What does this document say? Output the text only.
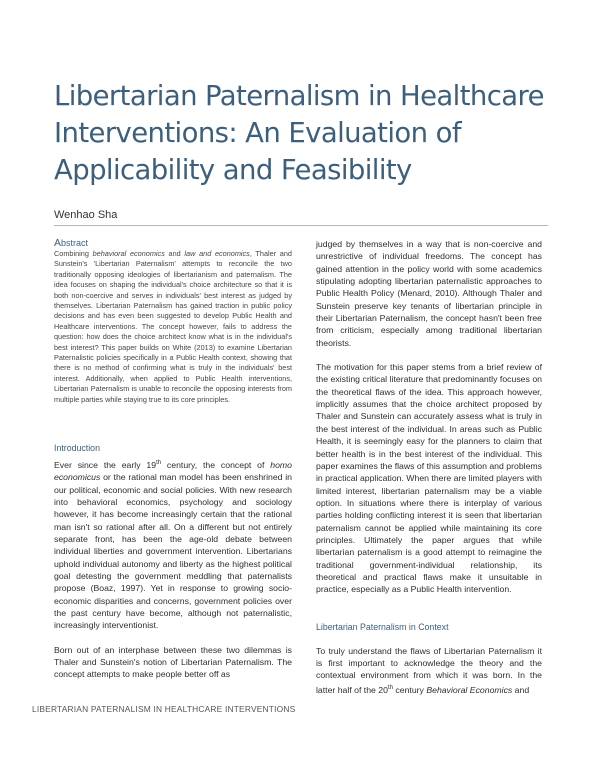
Libertarian Paternalism in Healthcare
Interventions: An Evaluation of
Applicability and Feasibility
Wenhao Sha

Abstract

Combining behavioral economics and law and economics, Thaler and Sunstein's 'Libertarian Paternalism' attempts to reconcile the two traditionally opposing ideologies of libertarianism and paternalism. The idea focuses on shaping the individual's choice architecture so that it is both non-coercive and serves in individuals' best interest as judged by themselves. Libertarian Paternalism has gained traction in public policy decisions and has even been suggested to develop Public Health and Healthcare interventions. The concept however, fails to address the question: how does the choice architect know what is in the individual's best interest? This paper builds on White (2013) to examine Libertarian Paternalistic policies specifically in a Public Health context, showing that there is no method of confirming what is truly in the individuals' best interest. Additionally, when applied to Public Health interventions, Libertarian Paternalism is unable to reconcile the opposing interests from multiple parties while staying true to its core principles.

Introduction

Ever since the early 19th century, the concept of homo economicus or the rational man model has been enshrined in our political, economic and social policies. With new research into behavioral economics, psychology and sociology however, it has become increasingly certain that the rational man isn't so rational after all. On a different but not entirely separate front, has been the age-old debate between individual liberties and government intervention. Libertarians uphold individual autonomy and liberty as the highest political goal detesting the government meddling that paternalists propose (Boaz, 1997). Yet in response to growing socio-economic disparities and concerns, government policies over the past century have become, although not paternalistic, increasingly interventionist.

Born out of an interphase between these two dilemmas is Thaler and Sunstein's notion of Libertarian Paternalism. The concept attempts to make people better off as

judged by themselves in a way that is non-coercive and unrestrictive of individual freedoms. The concept has gained attention in the policy world with some academics stipulating adopting libertarian paternalistic approaches to Public Health Policy (Menard, 2010). Although Thaler and Sunstein preserve key tenants of libertarian principle in their Libertarian Paternalism, the concept hasn't been free from criticism, especially among traditional libertarian theorists.

The motivation for this paper stems from a brief review of the existing critical literature that predominantly focuses on the theoretical flaws of the idea. This approach however, implicitly assumes that the choice architect proposed by Thaler and Sunstein can accurately assess what is truly in the best interest of the individual. In areas such as Public Health, it is seemingly easy for the planners to claim that better health is in the best interest of the individual. This paper examines the flaws of this assumption and problems in practical application. When there are limited players with limited interest, libertarian paternalism may be a viable option. In situations where there is interplay of various parties holding conflicting interest it is seen that libertarian paternalism cannot be applied while maintaining its core principles. Ultimately the paper argues that while libertarian paternalism is a good attempt to reimagine the traditional government-individual relationship, its theoretical and practical flaws make it unsuitable in practice, especially as a Public Health intervention.

Libertarian Paternalism in Context

To truly understand the flaws of Libertarian Paternalism it is first important to acknowledge the theory and the contextual environment from which it was born. In the latter half of the 20th century Behavioral Economics and

LIBERTARIAN PATERNALISM IN HEALTHCARE INTERVENTIONS
